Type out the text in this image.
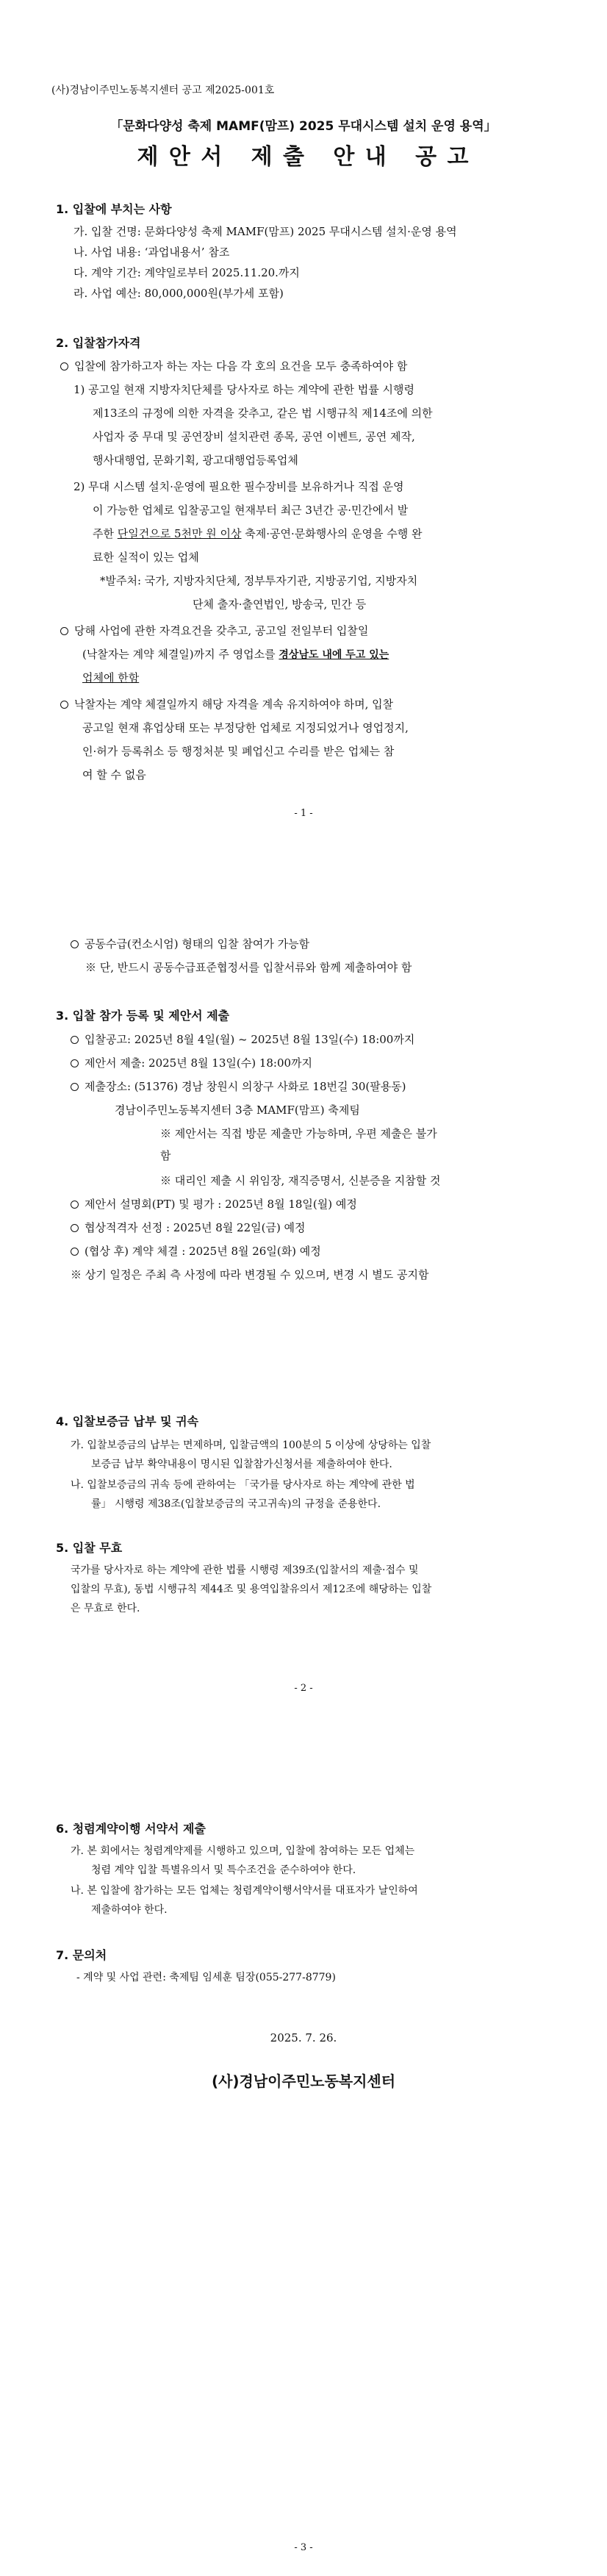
(사)경남이주민노동복지센터 공고 제2025-001호
「문화다양성 축제 MAMF(맘프) 2025 무대시스템 설치 운영 용역」
제 안 서   제 출   안 내   공 고
1. 입찰에 부치는 사항
가. 입찰 건명: 문화다양성 축제 MAMF(맘프) 2025 무대시스템 설치·운영 용역
나. 사업 내용: ‘과업내용서’ 참조
다. 계약 기간: 계약일로부터 2025.11.20.까지
라. 사업 예산: 80,000,000원(부가세 포함)
2. 입찰참가자격
입찰에 참가하고자 하는 자는 다음 각 호의 요건을 모두 충족하여야 함
1) 공고일 현재 지방자치단체를 당사자로 하는 계약에 관한 법률 시행령
제13조의 규정에 의한 자격을 갖추고, 같은 법 시행규칙 제14조에 의한
사업자 중 무대 및 공연장비 설치관련 종목, 공연 이벤트, 공연 제작,
행사대행업, 문화기획, 광고대행업등록업체
2) 무대 시스템 설치·운영에 필요한 필수장비를 보유하거나 직접 운영
이 가능한 업체로 입찰공고일 현재부터 최근 3년간 공·민간에서 발
주한 단일건으로 5천만 원 이상 축제·공연·문화행사의 운영을 수행 완
료한 실적이 있는 업체
*발주처: 국가, 지방자치단체, 정부투자기관, 지방공기업, 지방자치
단체 출자·출연법인, 방송국, 민간 등
당해 사업에 관한 자격요건을 갖추고, 공고일 전일부터 입찰일
(낙찰자는 계약 체결일)까지 주 영업소를 경상남도 내에 두고 있는
업체에 한함
낙찰자는 계약 체결일까지 해당 자격을 계속 유지하여야 하며, 입찰
공고일 현재 휴업상태 또는 부정당한 업체로 지정되었거나 영업정지,
인·허가 등록취소 등 행정처분 및 폐업신고 수리를 받은 업체는 참
여 할 수 없음
- 1 -
공동수급(컨소시엄) 형태의 입찰 참여가 가능함
※ 단, 반드시 공동수급표준협정서를 입찰서류와 함께 제출하여야 함
3. 입찰 참가 등록 및 제안서 제출
입찰공고: 2025년 8월 4일(월) ~ 2025년 8월 13일(수) 18:00까지
제안서 제출: 2025년 8월 13일(수) 18:00까지
제출장소: (51376) 경남 창원시 의창구 사화로 18번길 30(팔용동)
경남이주민노동복지센터 3층 MAMF(맘프) 축제팀
※ 제안서는 직접 방문 제출만 가능하며, 우편 제출은 불가
함
※ 대리인 제출 시 위임장, 재직증명서, 신분증을 지참할 것
제안서 설명회(PT) 및 평가 : 2025년 8월 18일(월) 예정
협상적격자 선정 : 2025년 8월 22일(금) 예정
(협상 후) 계약 체결 : 2025년 8월 26일(화) 예정
※ 상기 일정은 주최 측 사정에 따라 변경될 수 있으며, 변경 시 별도 공지함
4. 입찰보증금 납부 및 귀속
가. 입찰보증금의 납부는 면제하며, 입찰금액의 100분의 5 이상에 상당하는 입찰
보증금 납부 확약내용이 명시된 입찰참가신청서를 제출하여야 한다.
나. 입찰보증금의 귀속 등에 관하여는 「국가를 당사자로 하는 계약에 관한 법
률」 시행령 제38조(입찰보증금의 국고귀속)의 규정을 준용한다.
5. 입찰 무효
국가를 당사자로 하는 계약에 관한 법률 시행령 제39조(입찰서의 제출·접수 및
입찰의 무효), 동법 시행규칙 제44조 및 용역입찰유의서 제12조에 해당하는 입찰
은 무효로 한다.
- 2 -
6. 청렴계약이행 서약서 제출
가. 본 회에서는 청렴계약제를 시행하고 있으며, 입찰에 참여하는 모든 업체는
청렴 계약 입찰 특별유의서 및 특수조건을 준수하여야 한다.
나. 본 입찰에 참가하는 모든 업체는 청렴계약이행서약서를 대표자가 날인하여
제출하여야 한다.
7. 문의처
- 계약 및 사업 관련: 축제팀 임세훈 팀장(055-277-8779)
2025. 7. 26.
(사)경남이주민노동복지센터
- 3 -
